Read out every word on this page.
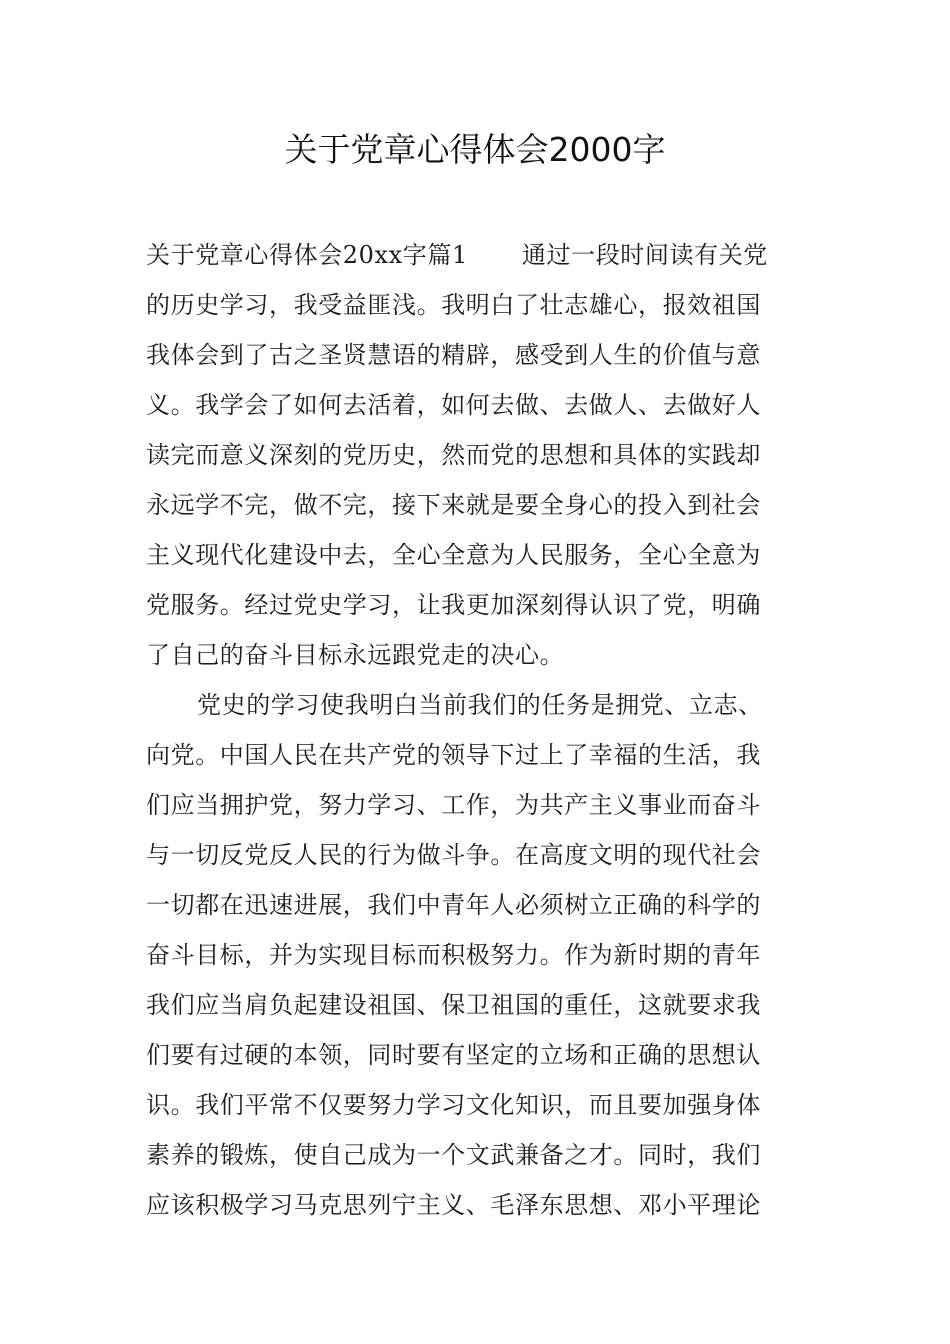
关于党章心得体会2000字
关于党章心得体会20xx字篇1 通过一段时间读有关党
的历史学习，我受益匪浅。我明白了壮志雄心，报效祖国
我体会到了古之圣贤慧语的精辟，感受到人生的价值与意
义。我学会了如何去活着，如何去做、去做人、去做好人
读完而意义深刻的党历史，然而党的思想和具体的实践却
永远学不完，做不完，接下来就是要全身心的投入到社会
主义现代化建设中去，全心全意为人民服务，全心全意为
党服务。经过党史学习，让我更加深刻得认识了党，明确
了自己的奋斗目标永远跟党走的决心。
党史的学习使我明白当前我们的任务是拥党、立志、
向党。中国人民在共产党的领导下过上了幸福的生活，我
们应当拥护党，努力学习、工作，为共产主义事业而奋斗
与一切反党反人民的行为做斗争。在高度文明的现代社会
一切都在迅速进展，我们中青年人必须树立正确的科学的
奋斗目标，并为实现目标而积极努力。作为新时期的青年
我们应当肩负起建设祖国、保卫祖国的重任，这就要求我
们要有过硬的本领，同时要有坚定的立场和正确的思想认
识。我们平常不仅要努力学习文化知识，而且要加强身体
素养的锻炼，使自己成为一个文武兼备之才。同时，我们
应该积极学习马克思列宁主义、毛泽东思想、邓小平理论
